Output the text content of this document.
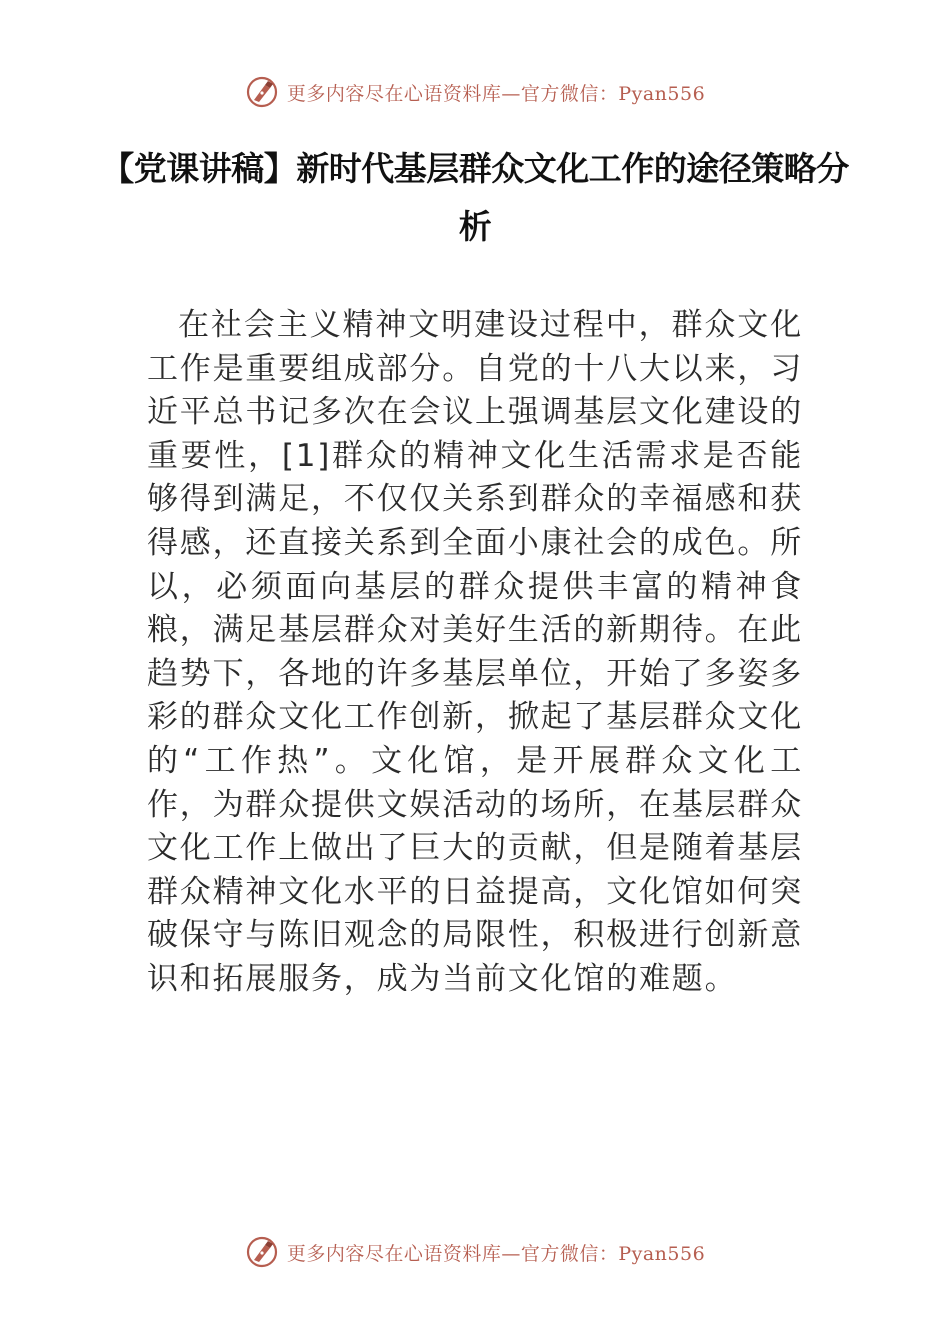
更多内容尽在心语资料库—官方微信：Pyan556
【党课讲稿】新时代基层群众文化工作的途径策略分析

在社会主义精神文明建设过程中，群众文化工作是重要组成部分。自党的十八大以来，习近平总书记多次在会议上强调基层文化建设的重要性，[1]群众的精神文化生活需求是否能够得到满足，不仅仅关系到群众的幸福感和获得感，还直接关系到全面小康社会的成色。所以，必须面向基层的群众提供丰富的精神食粮，满足基层群众对美好生活的新期待。在此趋势下，各地的许多基层单位，开始了多姿多彩的群众文化工作创新，掀起了基层群众文化的“工作热”。文化馆，是开展群众文化工作，为群众提供文娱活动的场所，在基层群众文化工作上做出了巨大的贡献，但是随着基层群众精神文化水平的日益提高，文化馆如何突破保守与陈旧观念的局限性，积极进行创新意识和拓展服务，成为当前文化馆的难题。

更多内容尽在心语资料库—官方微信：Pyan556
